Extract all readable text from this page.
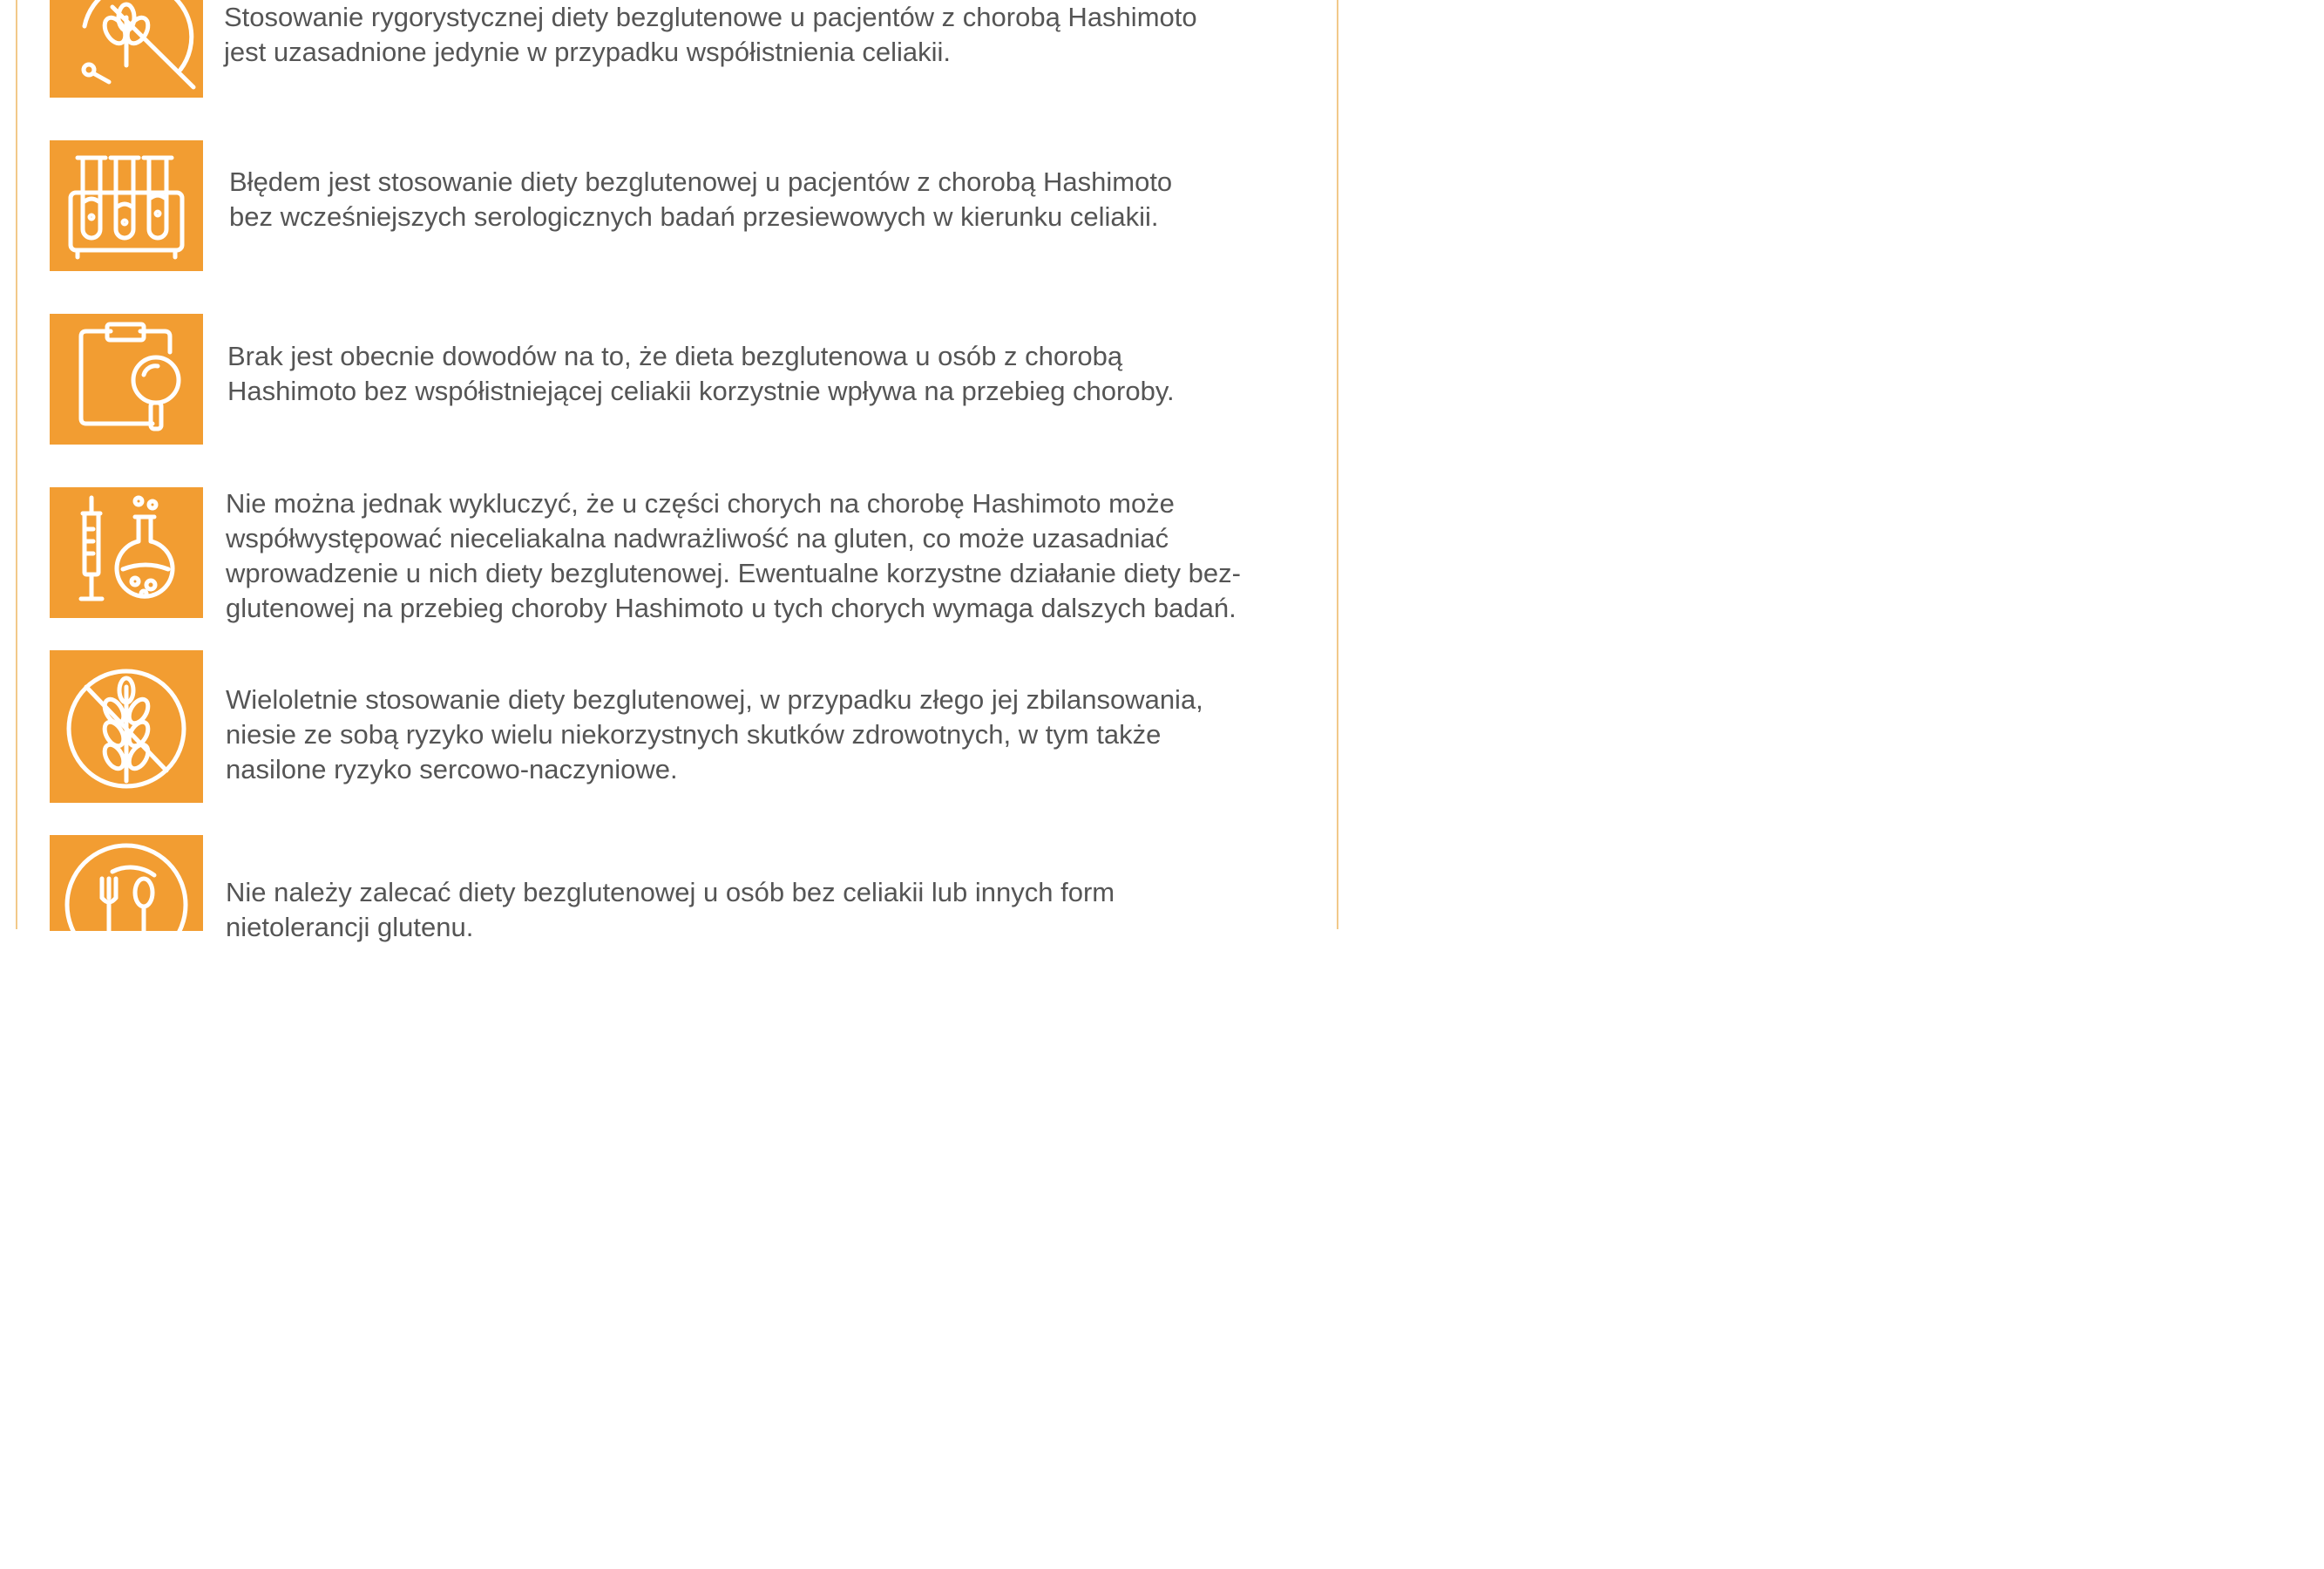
Stosowanie rygorystycznej diety bezglutenowe u pacjentów z chorobą Hashimoto
jest uzasadnione jedynie w przypadku współistnienia celiakii.
Błędem jest stosowanie diety bezglutenowej u pacjentów z chorobą Hashimoto
bez wcześniejszych serologicznych badań przesiewowych w kierunku celiakii.
Brak jest obecnie dowodów na to, że dieta bezglutenowa u osób z chorobą
Hashimoto bez współistniejącej celiakii korzystnie wpływa na przebieg choroby.
Nie można jednak wykluczyć, że u części chorych na chorobę Hashimoto może
współwystępować nieceliakalna nadwrażliwość na gluten, co może uzasadniać
wprowadzenie u nich diety bezglutenowej. Ewentualne korzystne działanie diety bez-
glutenowej na przebieg choroby Hashimoto u tych chorych wymaga dalszych badań.
Wieloletnie stosowanie diety bezglutenowej, w przypadku złego jej zbilansowania,
niesie ze sobą ryzyko wielu niekorzystnych skutków zdrowotnych, w tym także
nasilone ryzyko sercowo-naczyniowe.
Nie należy zalecać diety bezglutenowej u osób bez celiakii lub innych form
nietolerancji glutenu.
